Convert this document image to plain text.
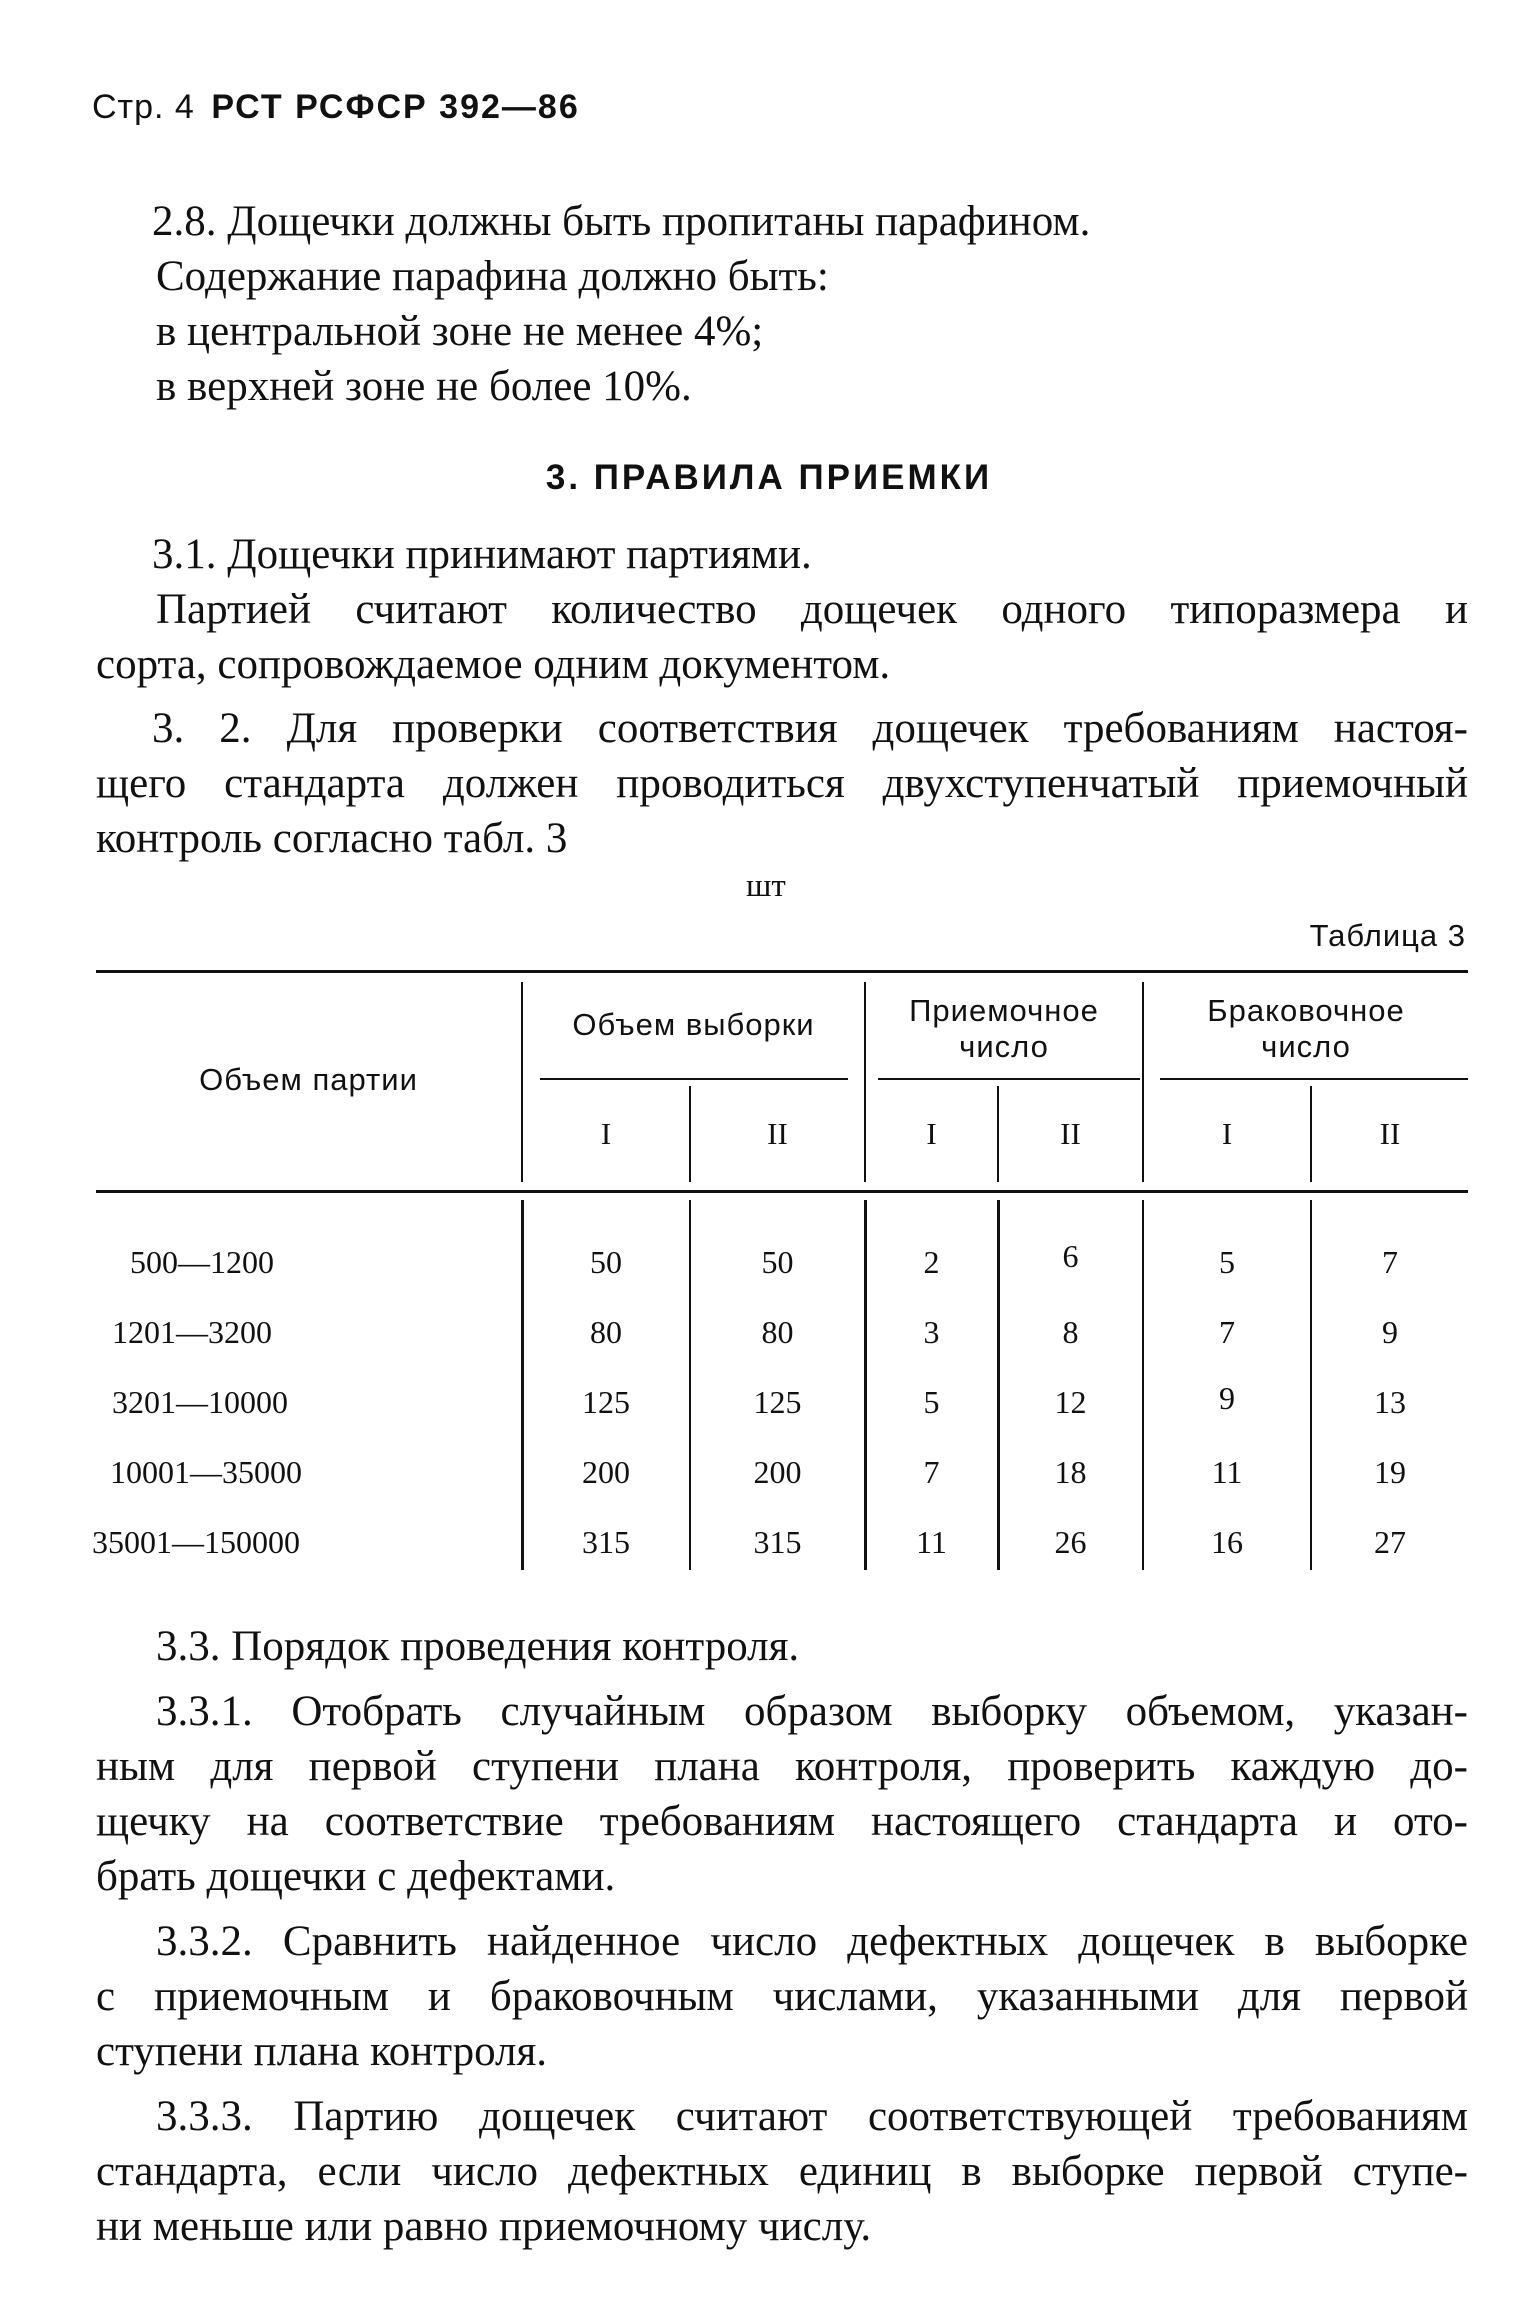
Стр. 4 РСТ РСФСР 392—86
2.8. Дощечки должны быть пропитаны парафином.
Содержание парафина должно быть:
в центральной зоне не менее 4%;
в верхней зоне не более 10%.
3. ПРАВИЛА ПРИЕМКИ
3.1. Дощечки принимают партиями.
Партией считают количество дощечек одного типоразмера и
сорта, сопровождаемое одним документом.
3. 2. Для проверки соответствия дощечек требованиям настоя-
щего стандарта должен проводиться двухступенчатый приемочный
контроль согласно табл. 3
шт
Таблица 3
Объем партии
Объем выборки	Приемочное
число
Браковочное
число
I	II	I	II	I	II
500—1200	50	50	2	6	5	7
1201—3200	80	80	3	8	7	9
3201—10000	125	125	5	12	9	13
10001—35000	200	200	7	18	11	19
35001—150000	315	315	11	26	16	27
3.3. Порядок проведения контроля.
3.3.1. Отобрать случайным образом выборку объемом, указан-
ным для первой ступени плана контроля, проверить каждую до-
щечку на соответствие требованиям настоящего стандарта и ото-
брать дощечки с дефектами.
3.3.2. Сравнить найденное число дефектных дощечек в выборке
с приемочным и браковочным числами, указанными для первой
ступени плана контроля.
3.3.3. Партию дощечек считают соответствующей требованиям
стандарта, если число дефектных единиц в выборке первой ступе-
ни меньше или равно приемочному числу.
